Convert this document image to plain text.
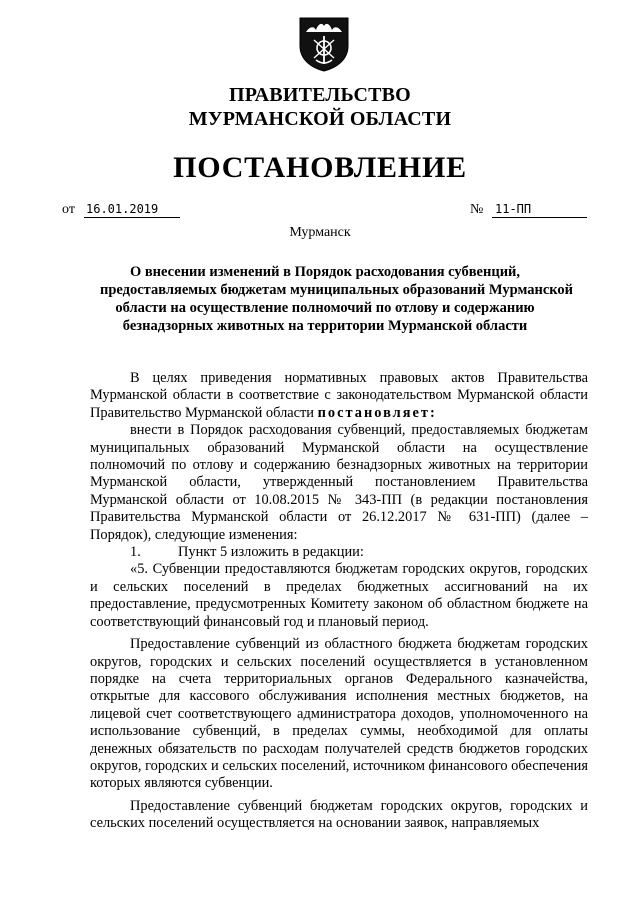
ПРАВИТЕЛЬСТВО
МУРМАНСКОЙ ОБЛАСТИ
ПОСТАНОВЛЕНИЕ
от 16.01.2019	№ 11-ПП
Мурманск
О внесении изменений в Порядок расходования субвенций,
предоставляемых бюджетам муниципальных образований Мурманской
области на осуществление полномочий по отлову и содержанию
безнадзорных животных на территории Мурманской области

В целях приведения нормативных правовых актов Правительства Мурманской области в соответствие с законодательством Мурманской области Правительство Мурманской области постановляет:

внести в Порядок расходования субвенций, предоставляемых бюджетам муниципальных образований Мурманской области на осуществление полномочий по отлову и содержанию безнадзорных животных на территории Мурманской области, утвержденный постановлением Правительства Мурманской области от 10.08.2015 № 343-ПП (в редакции постановления Правительства Мурманской области от 26.12.2017 № 631-ПП) (далее – Порядок), следующие изменения:

1.	Пункт 5 изложить в редакции:

«5. Субвенции предоставляются бюджетам городских округов, городских и сельских поселений в пределах бюджетных ассигнований на их предоставление, предусмотренных Комитету законом об областном бюджете на соответствующий финансовый год и плановый период.

Предоставление субвенций из областного бюджета бюджетам городских округов, городских и сельских поселений осуществляется в установленном порядке на счета территориальных органов Федерального казначейства, открытые для кассового обслуживания исполнения местных бюджетов, на лицевой счет соответствующего администратора доходов, уполномоченного на использование субвенций, в пределах суммы, необходимой для оплаты денежных обязательств по расходам получателей средств бюджетов городских округов, городских и сельских поселений, источником финансового обеспечения которых являются субвенции.

Предоставление субвенций бюджетам городских округов, городских и сельских поселений осуществляется на основании заявок, направляемых
